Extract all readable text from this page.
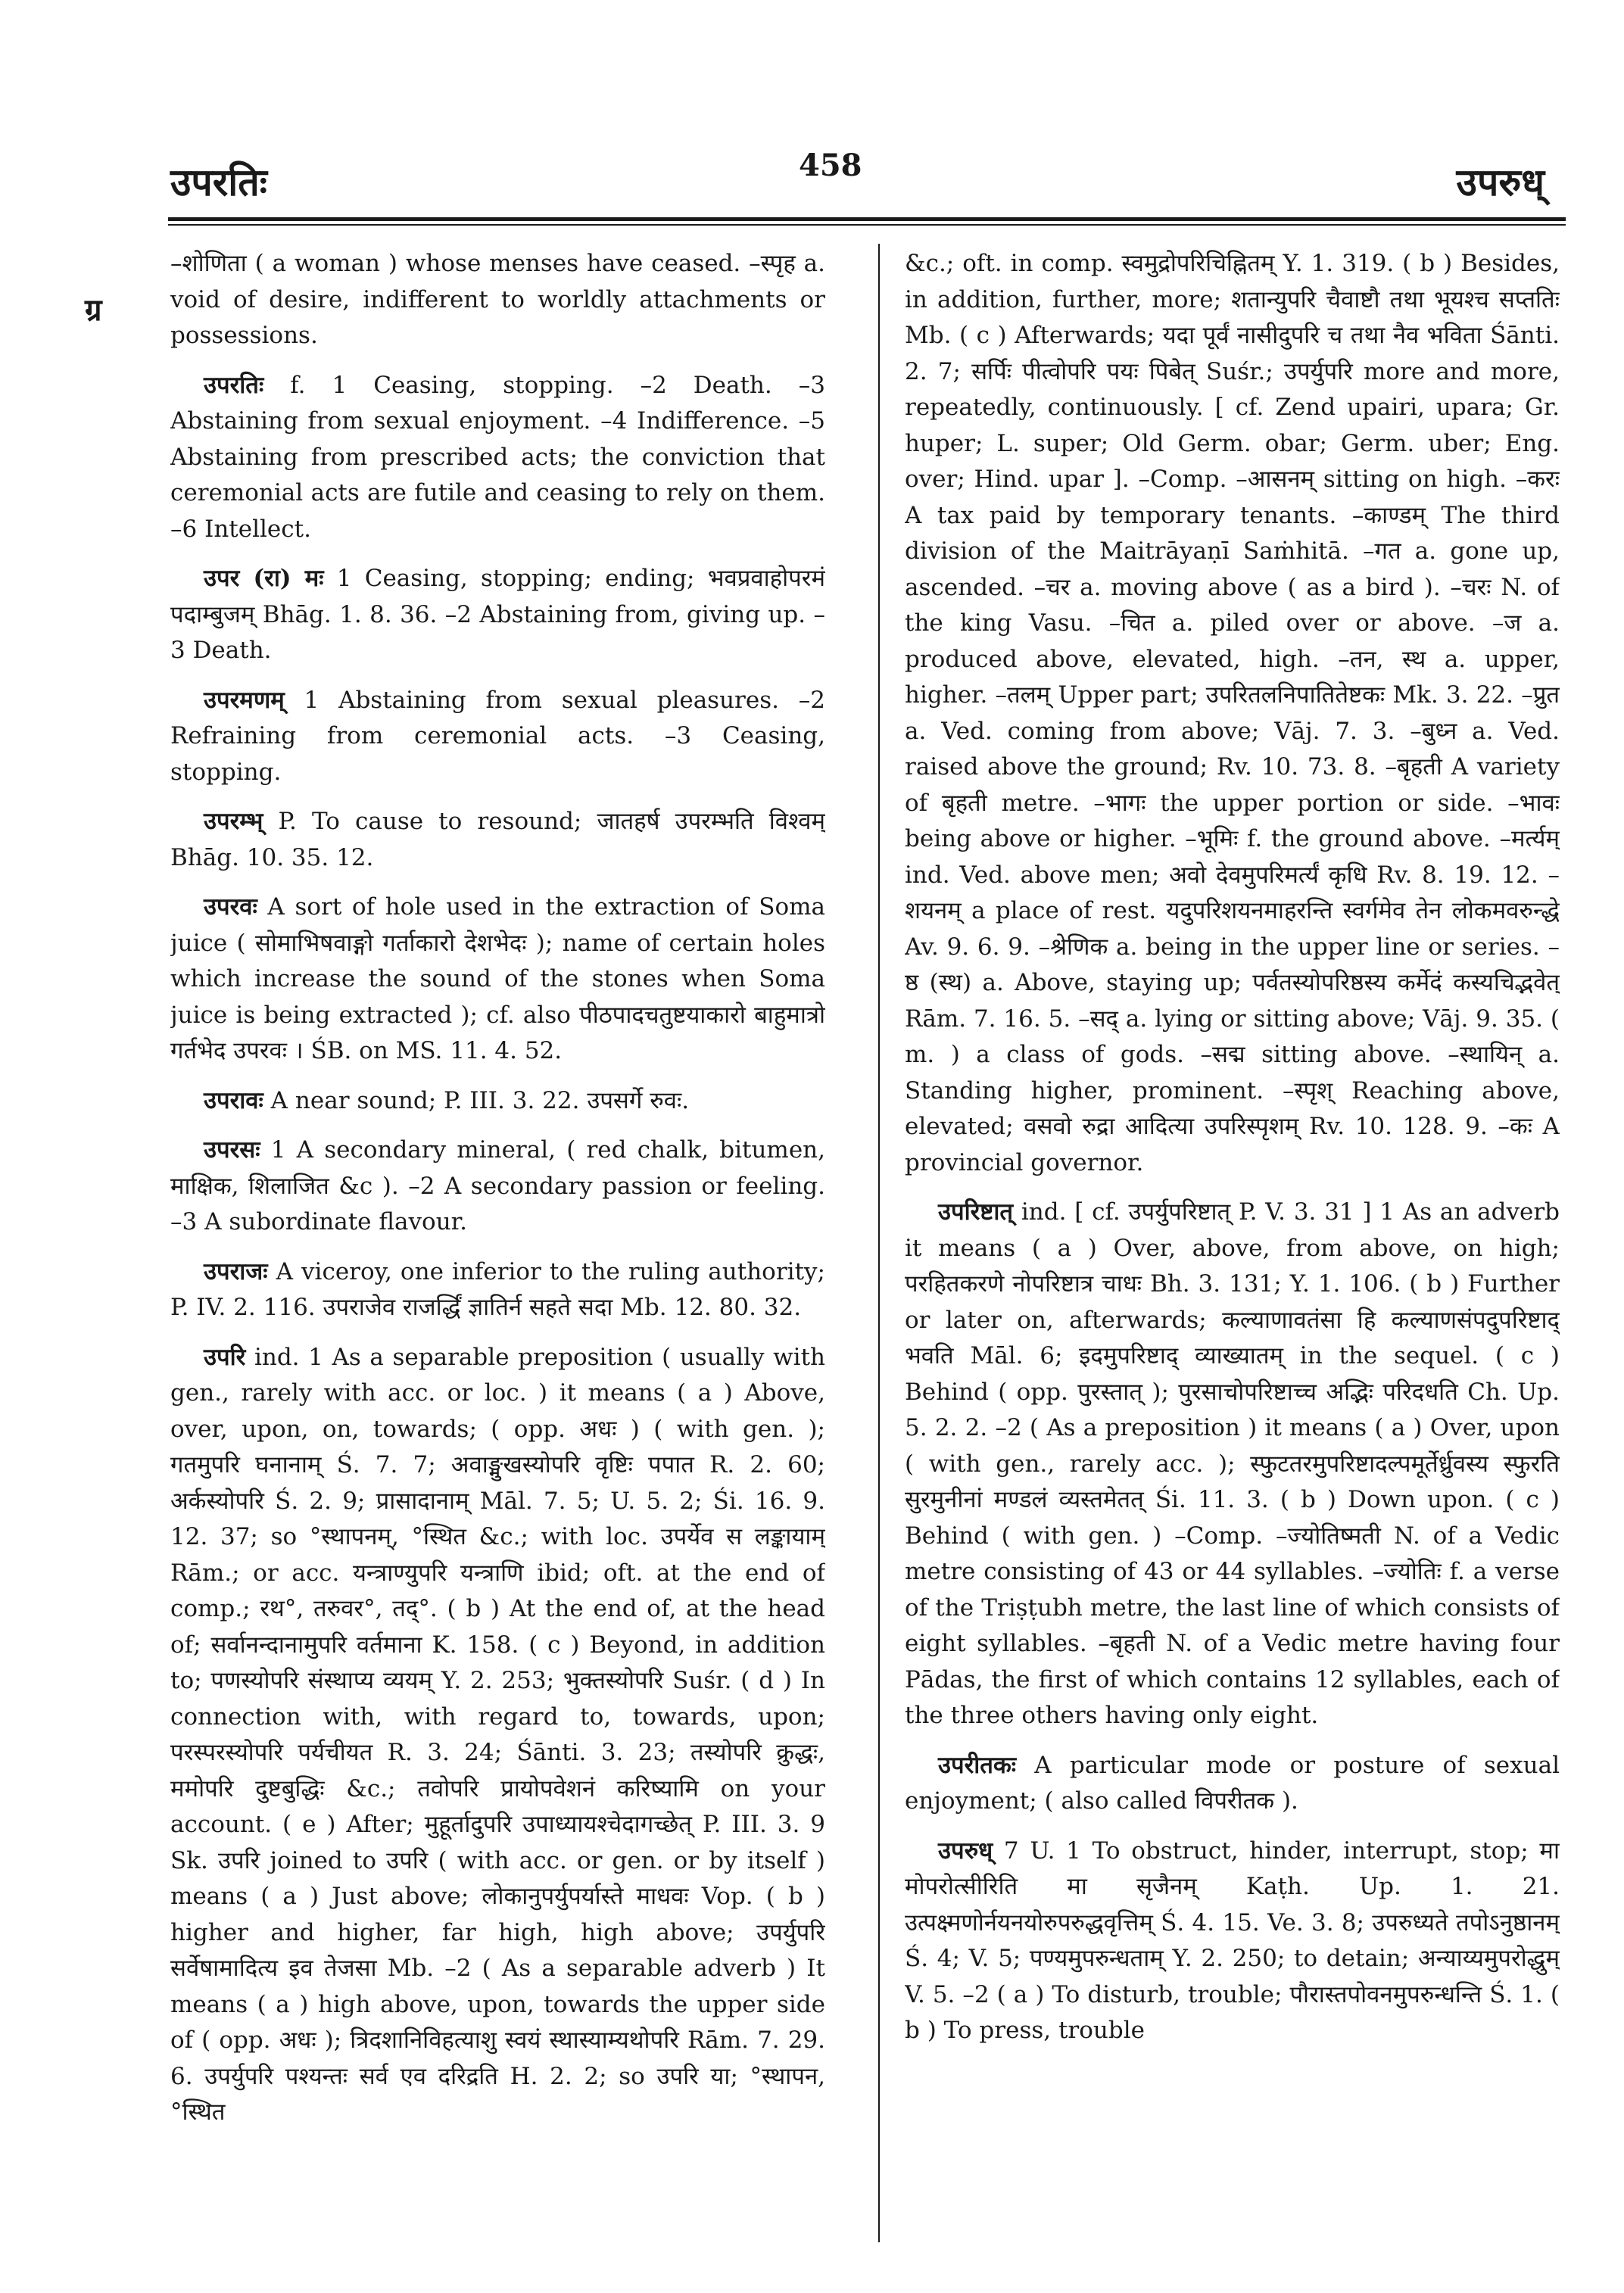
उपरतिः	458	उपरुध्
ग्र

–शोणिता ( a woman ) whose menses have ceased. –स्पृह a. void of desire, indifferent to worldly attachments or possessions.

उपरतिः f. 1 Ceasing, stopping. –2 Death. –3 Abstaining from sexual enjoyment. –4 Indifference. –5 Abstaining from prescribed acts; the conviction that ceremonial acts are futile and ceasing to rely on them. –6 Intellect.

उपर (रा) मः 1 Ceasing, stopping; ending; भवप्रवाहोपरमं पदाम्बुजम् Bhāg. 1. 8. 36. –2 Abstaining from, giving up. –3 Death.

उपरमणम् 1 Abstaining from sexual pleasures. –2 Refraining from ceremonial acts. –3 Ceasing, stopping.

उपरम्भ् P. To cause to resound; जातहर्ष उपरम्भति विश्वम् Bhāg. 10. 35. 12.

उपरवः A sort of hole used in the extraction of Soma juice ( सोमाभिषवाङ्गो गर्ताकारो देशभेदः ); name of certain holes which increase the sound of the stones when Soma juice is being extracted ); cf. also पीठपादचतुष्टयाकारो बाहुमात्रो गर्तभेद उपरवः । ŚB. on MS. 11. 4. 52.

उपरावः A near sound; P. III. 3. 22. उपसर्गे रुवः.

उपरसः 1 A secondary mineral, ( red chalk, bitumen, माक्षिक, शिलाजित &c ). –2 A secondary passion or feeling. –3 A subordinate flavour.

उपराजः A viceroy, one inferior to the ruling authority; P. IV. 2. 116. उपराजेव राजर्द्धिं ज्ञातिर्न सहते सदा Mb. 12. 80. 32.

उपरि ind. 1 As a separable preposition ( usually with gen., rarely with acc. or loc. ) it means ( a ) Above, over, upon, on, towards; ( opp. अधः ) ( with gen. ); गतमुपरि घनानाम् Ś. 7. 7; अवाङ्मुखस्योपरि वृष्टिः पपात R. 2. 60; अर्कस्योपरि Ś. 2. 9; प्रासादानाम् Māl. 7. 5; U. 5. 2; Śi. 16. 9. 12. 37; so °स्थापनम्, °स्थित &c.; with loc. उपर्येव स लङ्कायाम् Rām.; or acc. यन्त्राण्युपरि यन्त्राणि ibid; oft. at the end of comp.; रथ°, तरुवर°, तद्°. ( b ) At the end of, at the head of; सर्वानन्दानामुपरि वर्तमाना K. 158. ( c ) Beyond, in addition to; पणस्योपरि संस्थाप्य व्ययम् Y. 2. 253; भुक्तस्योपरि Suśr. ( d ) In connection with, with regard to, towards, upon; परस्परस्योपरि पर्यचीयत R. 3. 24; Śānti. 3. 23; तस्योपरि क्रुद्धः, ममोपरि दुष्टबुद्धिः &c.; तवोपरि प्रायोपवेशनं करिष्यामि on your account. ( e ) After; मुहूर्तादुपरि उपाध्यायश्चेदागच्छेत् P. III. 3. 9 Sk. उपरि joined to उपरि ( with acc. or gen. or by itself ) means ( a ) Just above; लोकानुपर्युपर्यास्ते माधवः Vop. ( b ) higher and higher, far high, high above; उपर्युपरि सर्वेषामादित्य इव तेजसा Mb. –2 ( As a separable adverb ) It means ( a ) high above, upon, towards the upper side of ( opp. अधः ); त्रिदशानिविहत्याशु स्वयं स्थास्याम्यथोपरि Rām. 7. 29. 6. उपर्युपरि पश्यन्तः सर्व एव दरिद्रति H. 2. 2; so उपरि या; °स्थापन, °स्थित

&c.; oft. in comp. स्वमुद्रोपरिचिह्नितम् Y. 1. 319. ( b ) Besides, in addition, further, more; शतान्युपरि चैवाष्टौ तथा भूयश्च सप्ततिः Mb. ( c ) Afterwards; यदा पूर्वं नासीदुपरि च तथा नैव भविता Śānti. 2. 7; सर्पिः पीत्वोपरि पयः पिबेत् Suśr.; उपर्युपरि more and more, repeatedly, continuously. [ cf. Zend upairi, upara; Gr. huper; L. super; Old Germ. obar; Germ. uber; Eng. over; Hind. upar ]. –Comp. –आसनम् sitting on high. –करः A tax paid by temporary tenants. –काण्डम् The third division of the Maitrāyaṇī Saṁhitā. –गत a. gone up, ascended. –चर a. moving above ( as a bird ). –चरः N. of the king Vasu. –चित a. piled over or above. –ज a. produced above, elevated, high. –तन, स्थ a. upper, higher. –तलम् Upper part; उपरितलनिपातितेष्टकः Mk. 3. 22. –प्रुत a. Ved. coming from above; Vāj. 7. 3. –बुध्न a. Ved. raised above the ground; Rv. 10. 73. 8. –बृहती A variety of बृहती metre. –भागः the upper portion or side. –भावः being above or higher. –भूमिः f. the ground above. –मर्त्यम् ind. Ved. above men; अवो देवमुपरिमर्त्यं कृधि Rv. 8. 19. 12. –शयनम् a place of rest. यदुपरिशयनमाहरन्ति स्वर्गमेव तेन लोकमवरुन्द्धे Av. 9. 6. 9. –श्रेणिक a. being in the upper line or series. –ष्ठ (स्थ) a. Above, staying up; पर्वतस्योपरिष्ठस्य कर्मेदं कस्यचिद्भवेत् Rām. 7. 16. 5. –सद् a. lying or sitting above; Vāj. 9. 35. ( m. ) a class of gods. –सद्म sitting above. –स्थायिन् a. Standing higher, prominent. –स्पृश् Reaching above, elevated; वसवो रुद्रा आदित्या उपरिस्पृशम् Rv. 10. 128. 9. –कः A provincial governor.

उपरिष्टात् ind. [ cf. उपर्युपरिष्टात् P. V. 3. 31 ] 1 As an adverb it means ( a ) Over, above, from above, on high; परहितकरणे नोपरिष्टात्र चाधः Bh. 3. 131; Y. 1. 106. ( b ) Further or later on, afterwards; कल्याणावतंसा हि कल्याणसंपदुपरिष्टाद् भवति Māl. 6; इदमुपरिष्टाद् व्याख्यातम् in the sequel. ( c ) Behind ( opp. पुरस्तात् ); पुरसाचोपरिष्टाच्च अद्भिः परिदधति Ch. Up. 5. 2. 2. –2 ( As a preposition ) it means ( a ) Over, upon ( with gen., rarely acc. ); स्फुटतरमुपरिष्टादल्पमूर्तेर्ध्रुवस्य स्फुरति सुरमुनीनां मण्डलं व्यस्तमेतत् Śi. 11. 3. ( b ) Down upon. ( c ) Behind ( with gen. ) –Comp. –ज्योतिष्मती N. of a Vedic metre consisting of 43 or 44 syllables. –ज्योतिः f. a verse of the Triṣṭubh metre, the last line of which consists of eight syllables. –बृहती N. of a Vedic metre having four Pādas, the first of which contains 12 syllables, each of the three others having only eight.

उपरीतकः A particular mode or posture of sexual enjoyment; ( also called विपरीतक ).

उपरुध् 7 U. 1 To obstruct, hinder, interrupt, stop; मा मोपरोत्सीरिति मा सृजैनम् Kaṭh. Up. 1. 21. उत्पक्ष्मणोर्नयनयोरुपरुद्धवृत्तिम् Ś. 4. 15. Ve. 3. 8; उपरुध्यते तपोऽनुष्ठानम् Ś. 4; V. 5; पण्यमुपरुन्धताम् Y. 2. 250; to detain; अन्याय्यमुपरोद्धुम् V. 5. –2 ( a ) To disturb, trouble; पौरास्तपोवनमुपरुन्धन्ति Ś. 1. ( b ) To press, trouble
